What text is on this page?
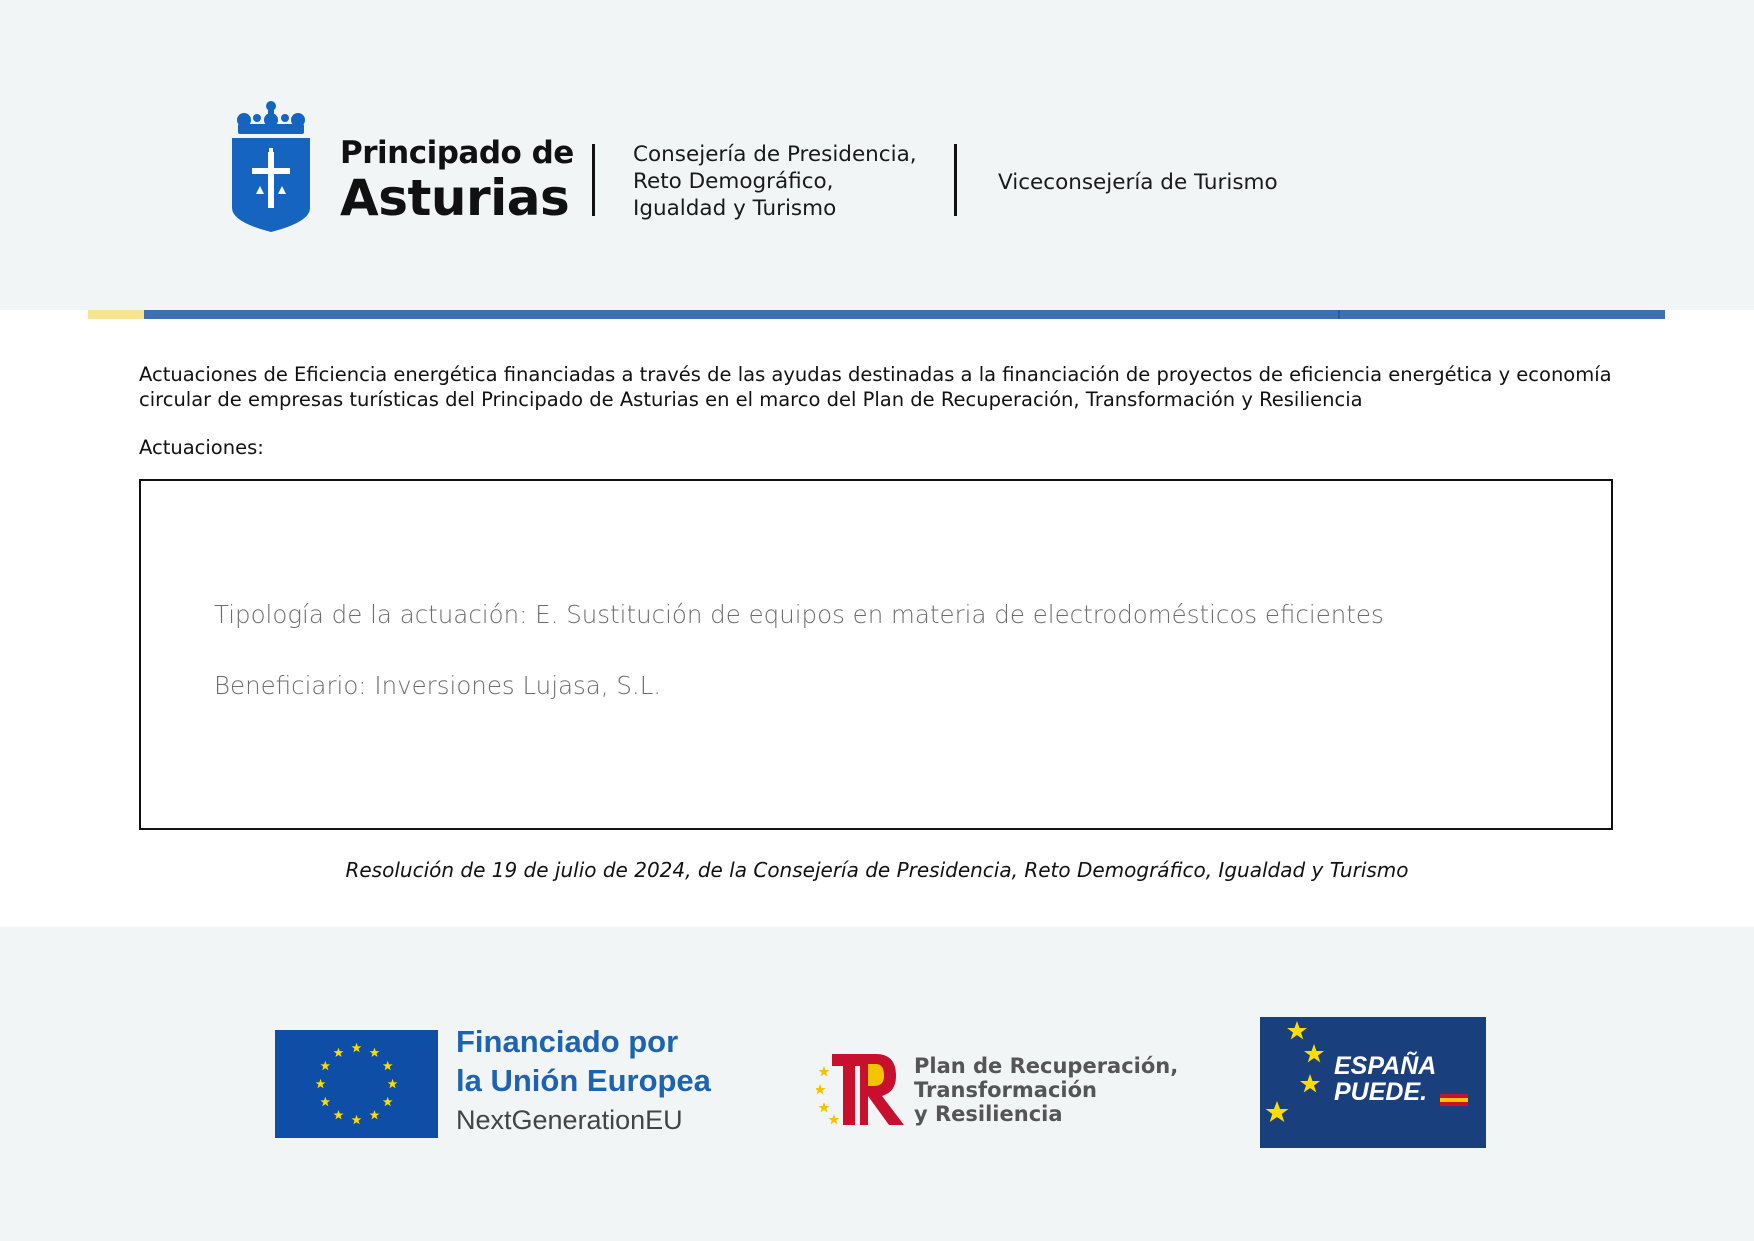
Principado de
Asturias
Consejería de Presidencia,
Reto Demográfico,
Igualdad y Turismo
Viceconsejería de Turismo
Actuaciones de Eficiencia energética financiadas a través de las ayudas destinadas a la financiación de proyectos de eficiencia energética y economía circular de empresas turísticas del Principado de Asturias en el marco del Plan de Recuperación, Transformación y Resiliencia
Actuaciones:

Tipología de la actuación: E. Sustitución de equipos en materia de electrodomésticos eficientes

Beneficiario: Inversiones Lujasa, S.L.

Resolución de 19 de julio de 2024, de la Consejería de Presidencia, Reto Demográfico, Igualdad y Turismo
Financiado por
la Unión Europea
NextGenerationEU
Plan de Recuperación,
Transformación
y Resiliencia
ESPAÑA
PUEDE.
